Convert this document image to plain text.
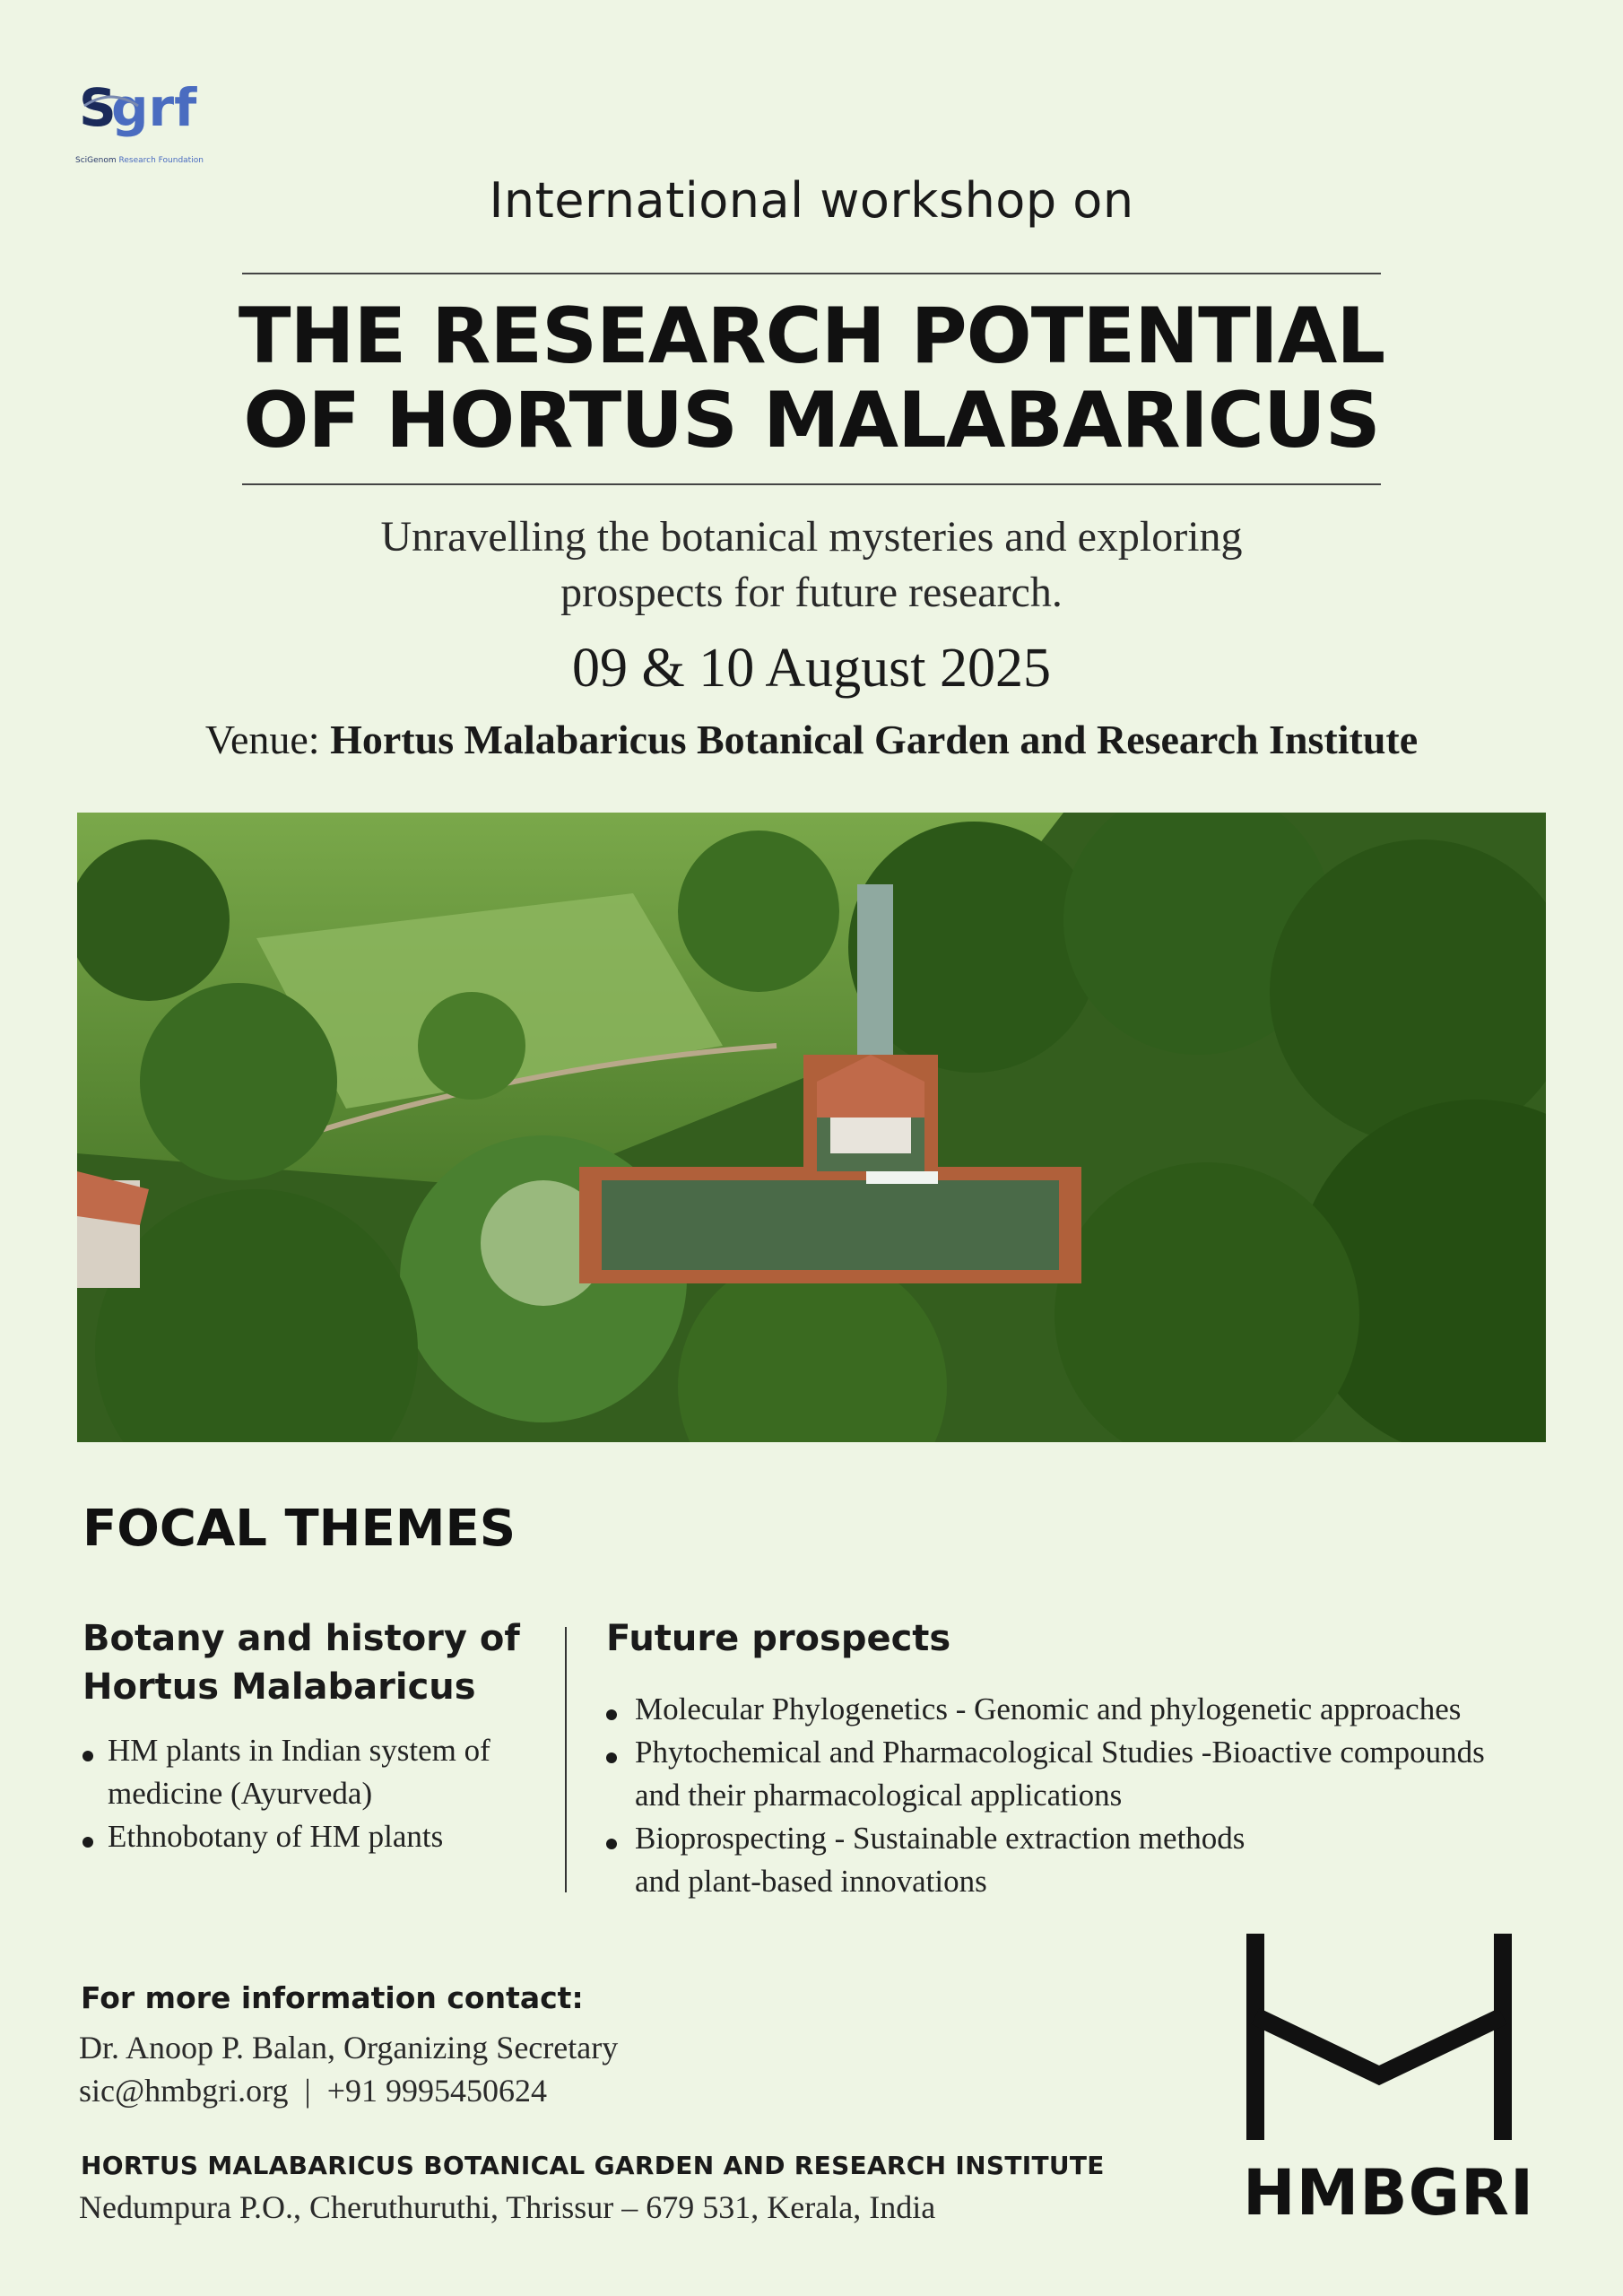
S
grf
SciGenom Research Foundation
International workshop on
THE RESEARCH POTENTIAL
OF HORTUS MALABARICUS
Unravelling the botanical mysteries and exploring
prospects for future research.
09 & 10 August 2025
Venue: Hortus Malabaricus Botanical Garden and Research Institute
FOCAL THEMES
Botany and history of
Hortus Malabaricus
HM plants in Indian system of
medicine (Ayurveda)
Ethnobotany of HM plants
Future prospects
Molecular Phylogenetics - Genomic and phylogenetic approaches
Phytochemical and Pharmacological Studies -Bioactive compounds
and their pharmacological applications
Bioprospecting - Sustainable extraction methods
and plant-based innovations
For more information contact:
Dr. Anoop P. Balan, Organizing Secretary
sic@hmbgri.org | +91 9995450624
HORTUS MALABARICUS BOTANICAL GARDEN AND RESEARCH INSTITUTE
Nedumpura P.O., Cheruthuruthi, Thrissur – 679 531, Kerala, India	HMBGRI
